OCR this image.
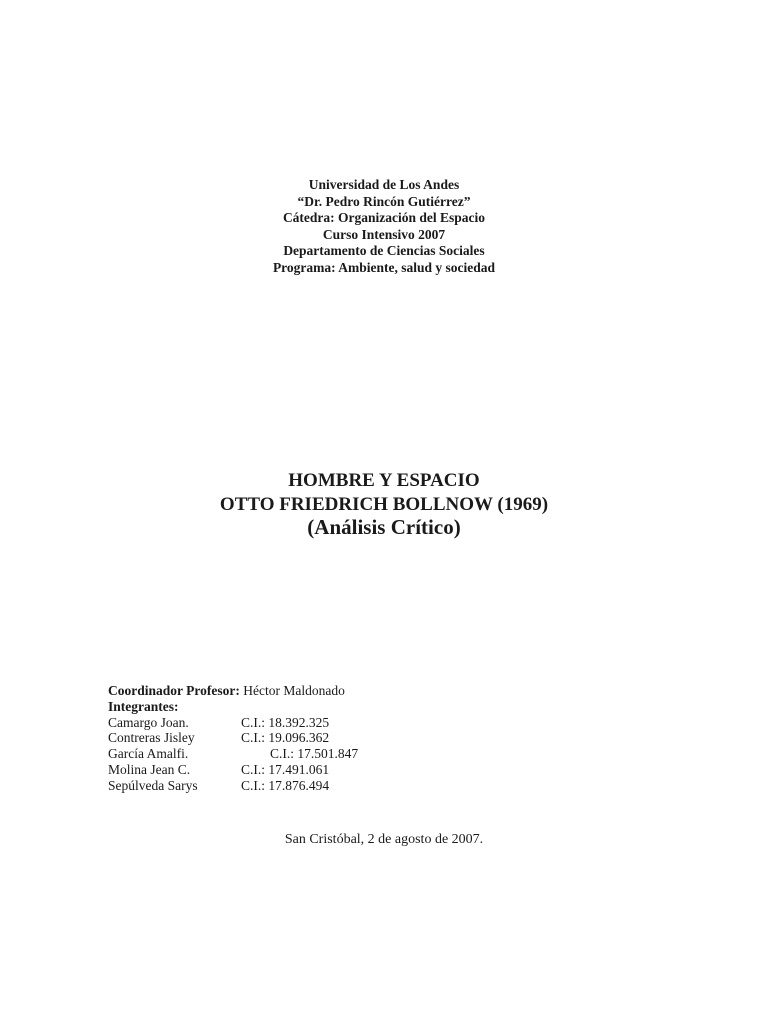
Universidad de Los Andes
“Dr. Pedro Rincón Gutiérrez”
Cátedra: Organización del Espacio
Curso Intensivo 2007
Departamento de Ciencias Sociales
Programa: Ambiente, salud y sociedad
HOMBRE Y ESPACIO
OTTO FRIEDRICH BOLLNOW (1969)
(Análisis Crítico)
Coordinador Profesor: Héctor Maldonado
Integrantes:
Camargo Joan.	C.I.: 18.392.325
Contreras Jisley	C.I.: 19.096.362
García Amalfi.	C.I.: 17.501.847
Molina Jean C.	C.I.: 17.491.061
Sepúlveda Sarys	C.I.: 17.876.494
San Cristóbal, 2 de agosto de 2007.
